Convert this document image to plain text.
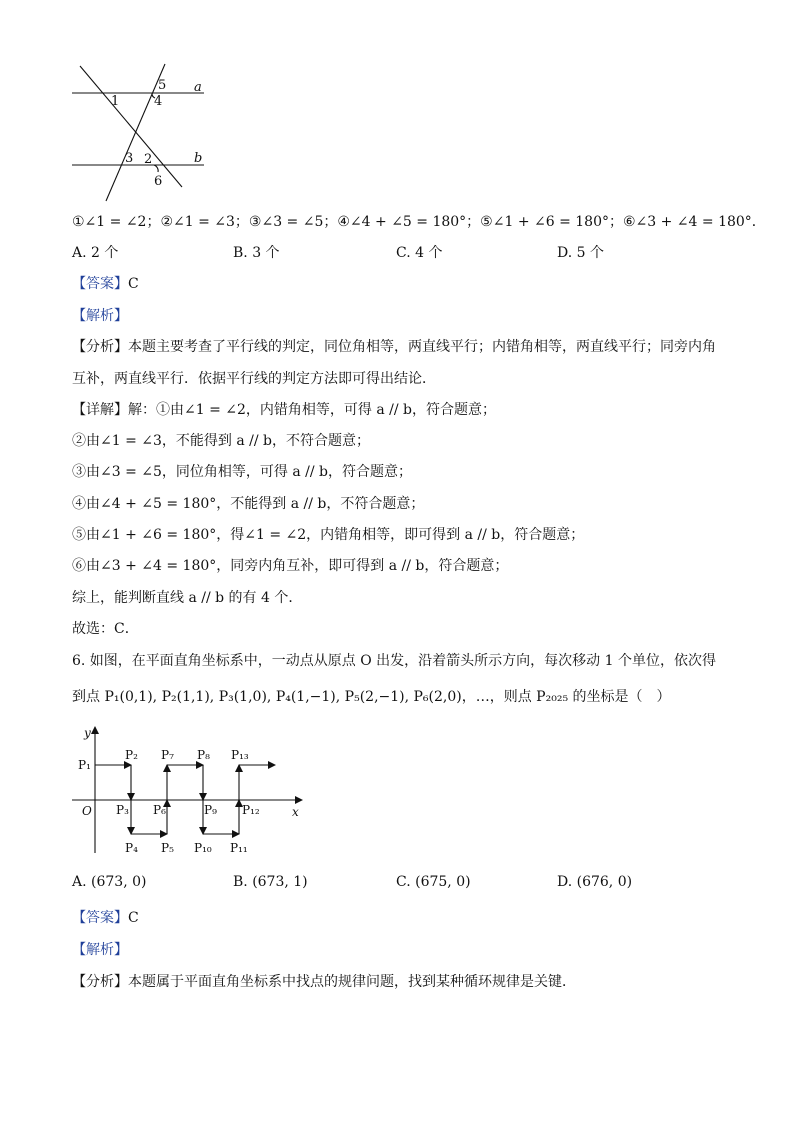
5 a
1	4
3 2	b
6
①∠1 = ∠2；②∠1 = ∠3；③∠3 = ∠5；④∠4 + ∠5 = 180°；⑤∠1 + ∠6 = 180°；⑥∠3 + ∠4 = 180°．
A. 2 个	B. 3 个	C. 4 个	D. 5 个
【答案】C
【解析】
【分析】本题主要考查了平行线的判定，同位角相等，两直线平行；内错角相等，两直线平行；同旁内角
互补，两直线平行．依据平行线的判定方法即可得出结论．
【详解】解：①由∠1 = ∠2，内错角相等，可得 a // b，符合题意；
②由∠1 = ∠3，不能得到 a // b，不符合题意；
③由∠3 = ∠5，同位角相等，可得 a // b，符合题意；
④由∠4 + ∠5 = 180°，不能得到 a // b，不符合题意；
⑤由∠1 + ∠6 = 180°，得∠1 = ∠2，内错角相等，即可得到 a // b，符合题意；
⑥由∠3 + ∠4 = 180°，同旁内角互补，即可得到 a // b，符合题意；
综上，能判断直线 a // b 的有 4 个．
故选：C．
6. 如图，在平面直角坐标系中，一动点从原点 O 出发，沿着箭头所示方向，每次移动 1 个单位，依次得
到点 P₁(0,1), P₂(1,1), P₃(1,0), P₄(1,−1), P₅(2,−1), P₆(2,0)，…，则点 P₂₀₂₅ 的坐标是（　）
y
x
O
P₁
P₂
P₃
P₄ P₅
P₆
P₇ P₈
P₉
P₁₀ P₁₁
P₁₂
P₁₃
A. (673, 0)	B. (673, 1)	C. (675, 0)	D. (676, 0)
【答案】C
【解析】
【分析】本题属于平面直角坐标系中找点的规律问题，找到某种循环规律是关键．
